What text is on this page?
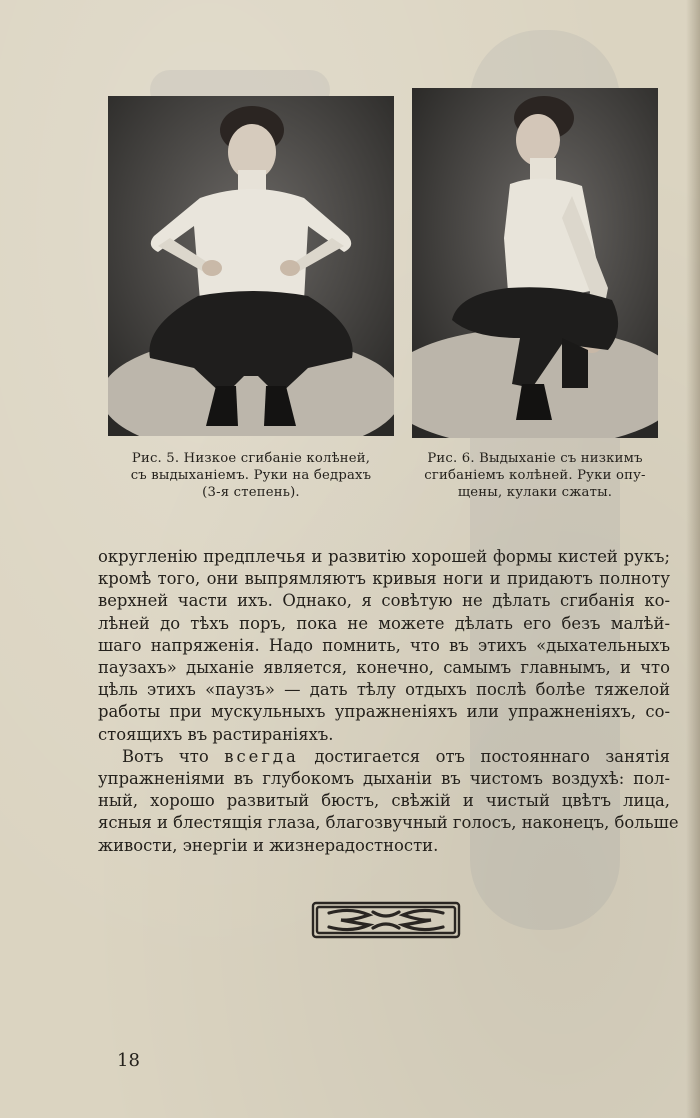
Рис. 5. Низкое сгибаніе колѣней,
съ выдыханіемъ. Руки на бедрахъ
(3-я степень).
Рис. 6. Выдыханіе съ низкимъ
сгибаніемъ колѣней. Руки опу-
щены, кулаки сжаты.
округленію предплечья и развитію хорошей формы кистей рукъ;
кромѣ того, они выпрямляютъ кривыя ноги и придаютъ полноту
верхней части ихъ. Однако, я совѣтую не дѣлать сгибанія ко-
лѣней до тѣхъ поръ, пока не можете дѣлать его безъ малѣй-
шаго напряженія. Надо помнить, что въ этихъ «дыхательныхъ
паузахъ» дыханіе является, конечно, самымъ главнымъ, и что
цѣль этихъ «паузъ» — дать тѣлу отдыхъ послѣ болѣе тяжелой
работы при мускульныхъ упражненіяхъ или упражненіяхъ, со-
стоящихъ въ растираніяхъ.
Вотъ что всегда достигается отъ постояннаго занятія
упражненіями въ глубокомъ дыханіи въ чистомъ воздухѣ: пол-
ный, хорошо развитый бюстъ, свѣжій и чистый цвѣтъ лица,
ясныя и блестящія глаза, благозвучный голосъ, наконецъ, больше
живости, энергіи и жизнерадостности.
18
